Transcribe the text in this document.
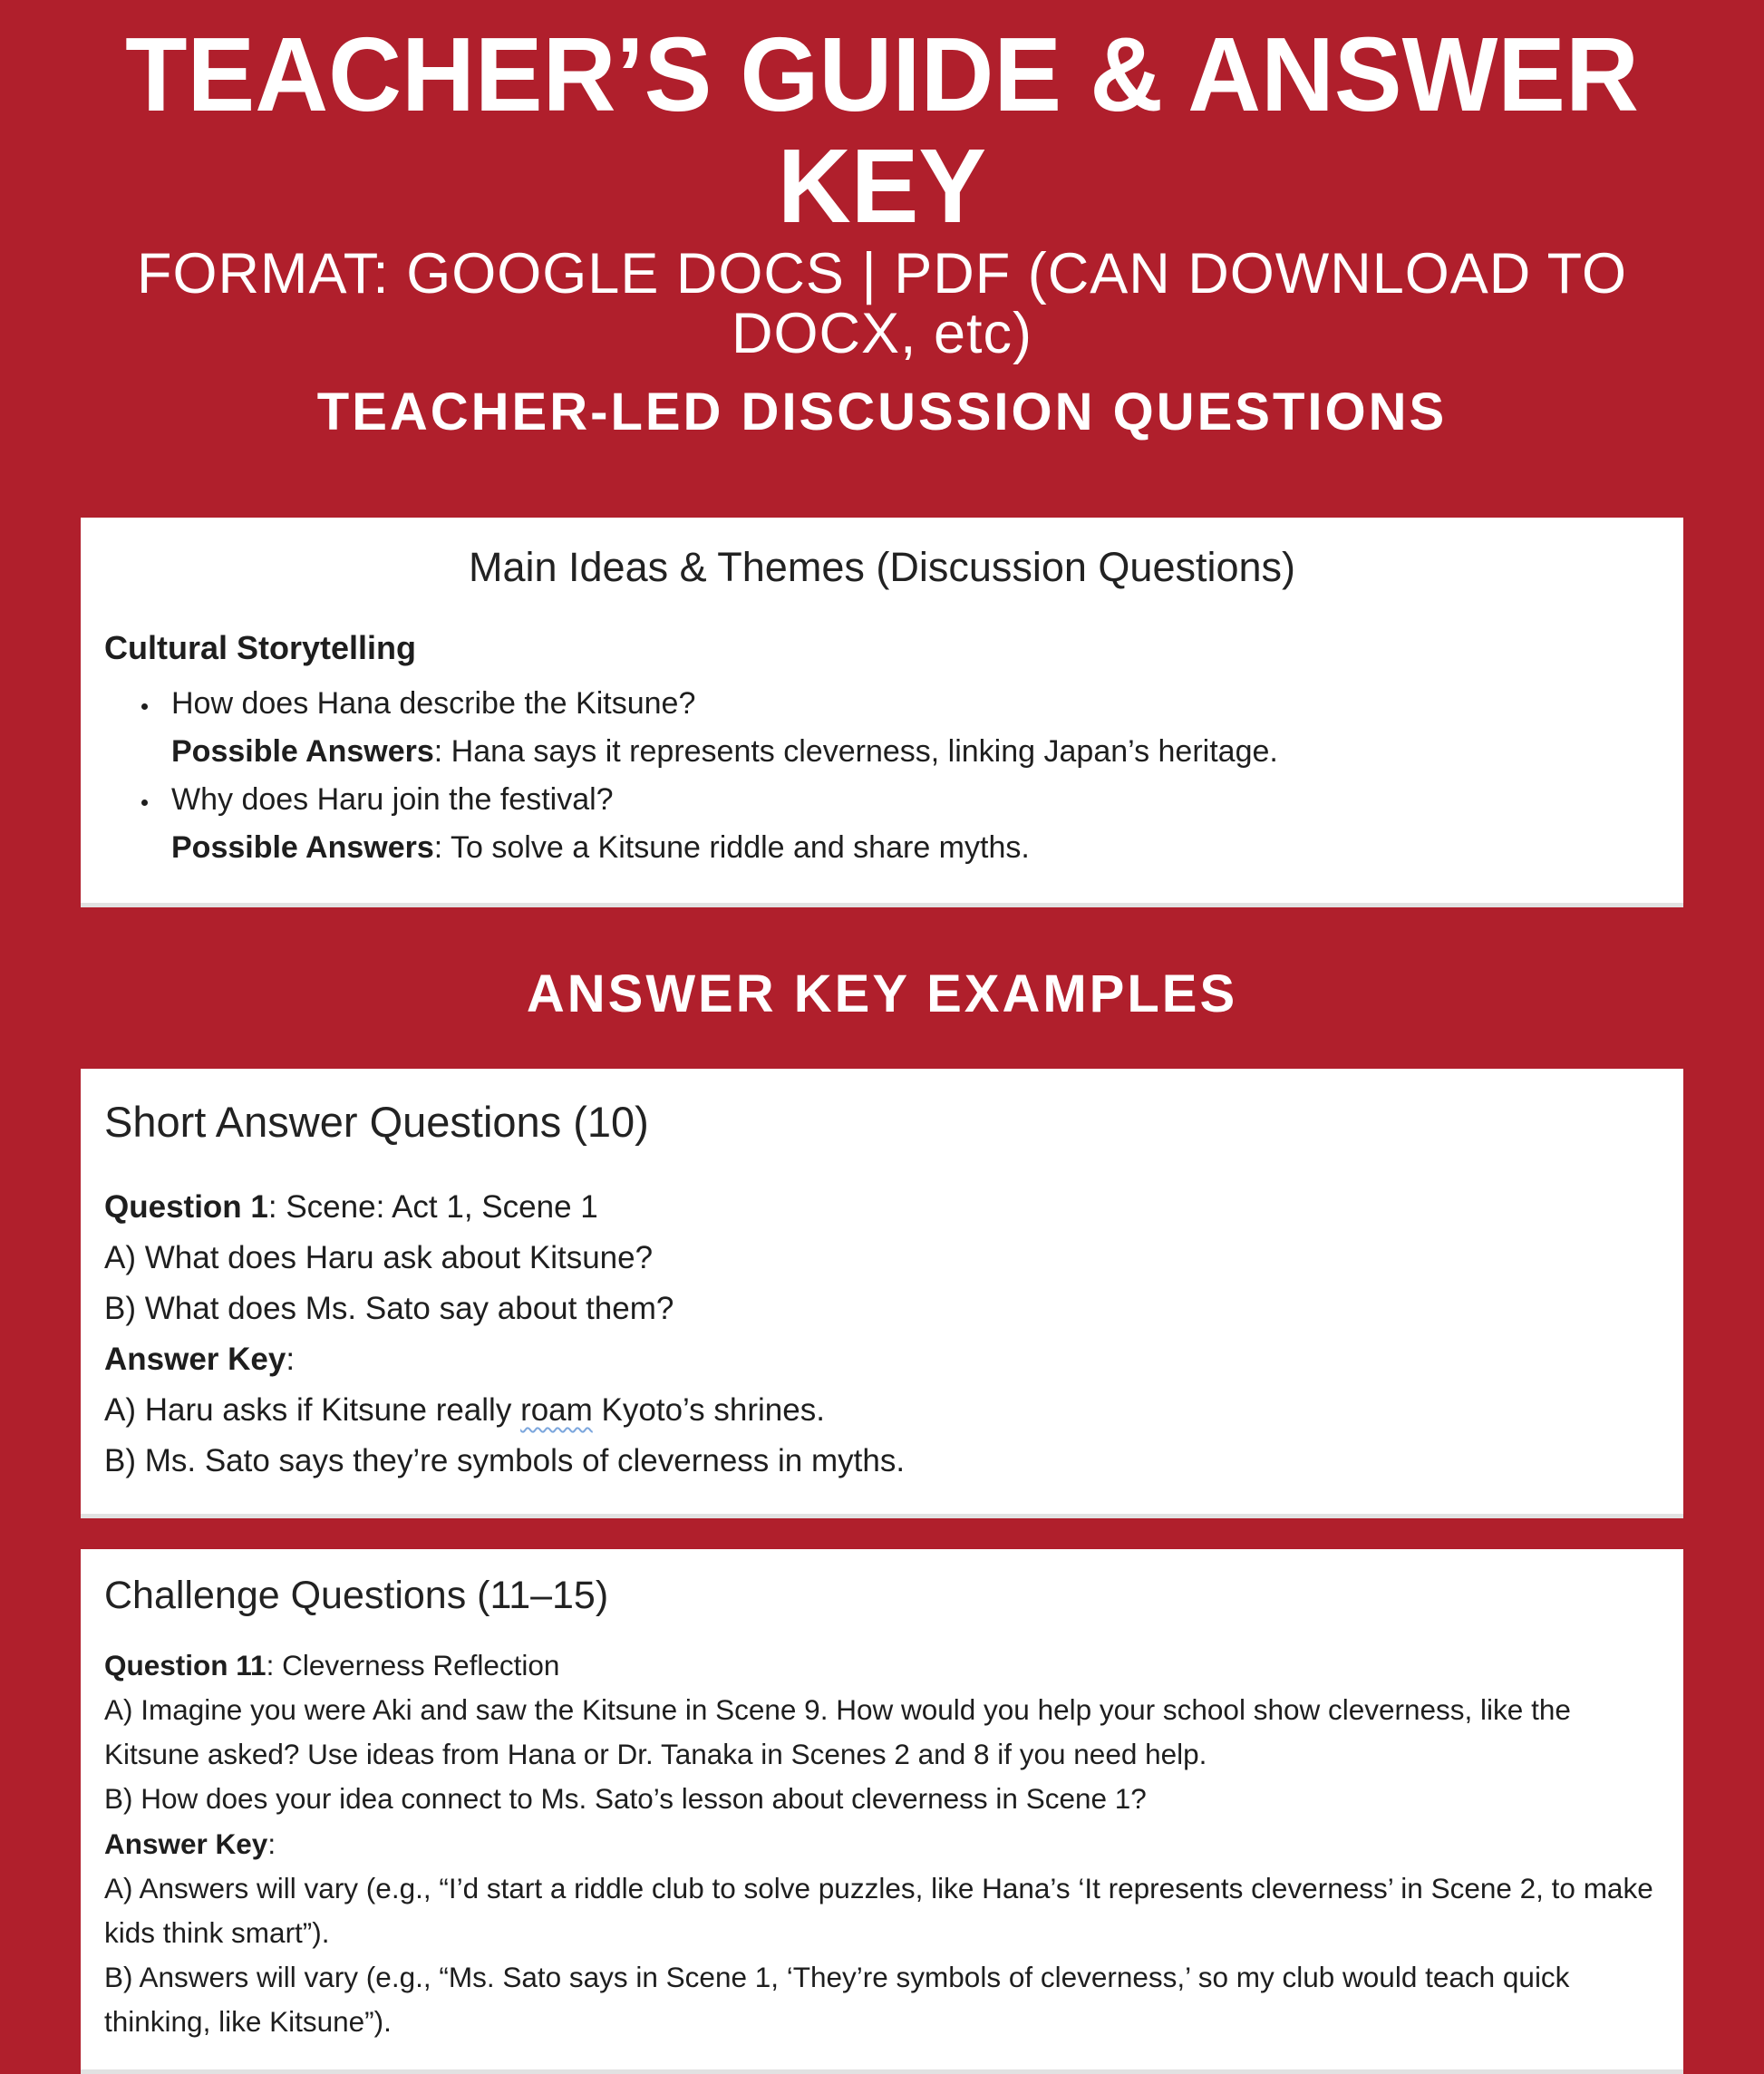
TEACHER’S GUIDE & ANSWER KEY
FORMAT: GOOGLE DOCS | PDF (CAN DOWNLOAD TO DOCX, etc)
TEACHER-LED DISCUSSION QUESTIONS
Main Ideas & Themes (Discussion Questions)
Cultural Storytelling
• How does Hana describe the Kitsune?
Possible Answers: Hana says it represents cleverness, linking Japan’s heritage.
• Why does Haru join the festival?
Possible Answers: To solve a Kitsune riddle and share myths.
ANSWER KEY EXAMPLES
Short Answer Questions (10)
Question 1: Scene: Act 1, Scene 1
A) What does Haru ask about Kitsune?
B) What does Ms. Sato say about them?
Answer Key:
A) Haru asks if Kitsune really roam Kyoto’s shrines.
B) Ms. Sato says they’re symbols of cleverness in myths.
Challenge Questions (11–15)
Question 11: Cleverness Reflection
A) Imagine you were Aki and saw the Kitsune in Scene 9. How would you help your school show cleverness, like the Kitsune asked? Use ideas from Hana or Dr. Tanaka in Scenes 2 and 8 if you need help.
B) How does your idea connect to Ms. Sato’s lesson about cleverness in Scene 1?
Answer Key:
A) Answers will vary (e.g., “I’d start a riddle club to solve puzzles, like Hana’s ‘It represents cleverness’ in Scene 2, to make kids think smart”).
B) Answers will vary (e.g., “Ms. Sato says in Scene 1, ‘They’re symbols of cleverness,’ so my club would teach quick thinking, like Kitsune”).
